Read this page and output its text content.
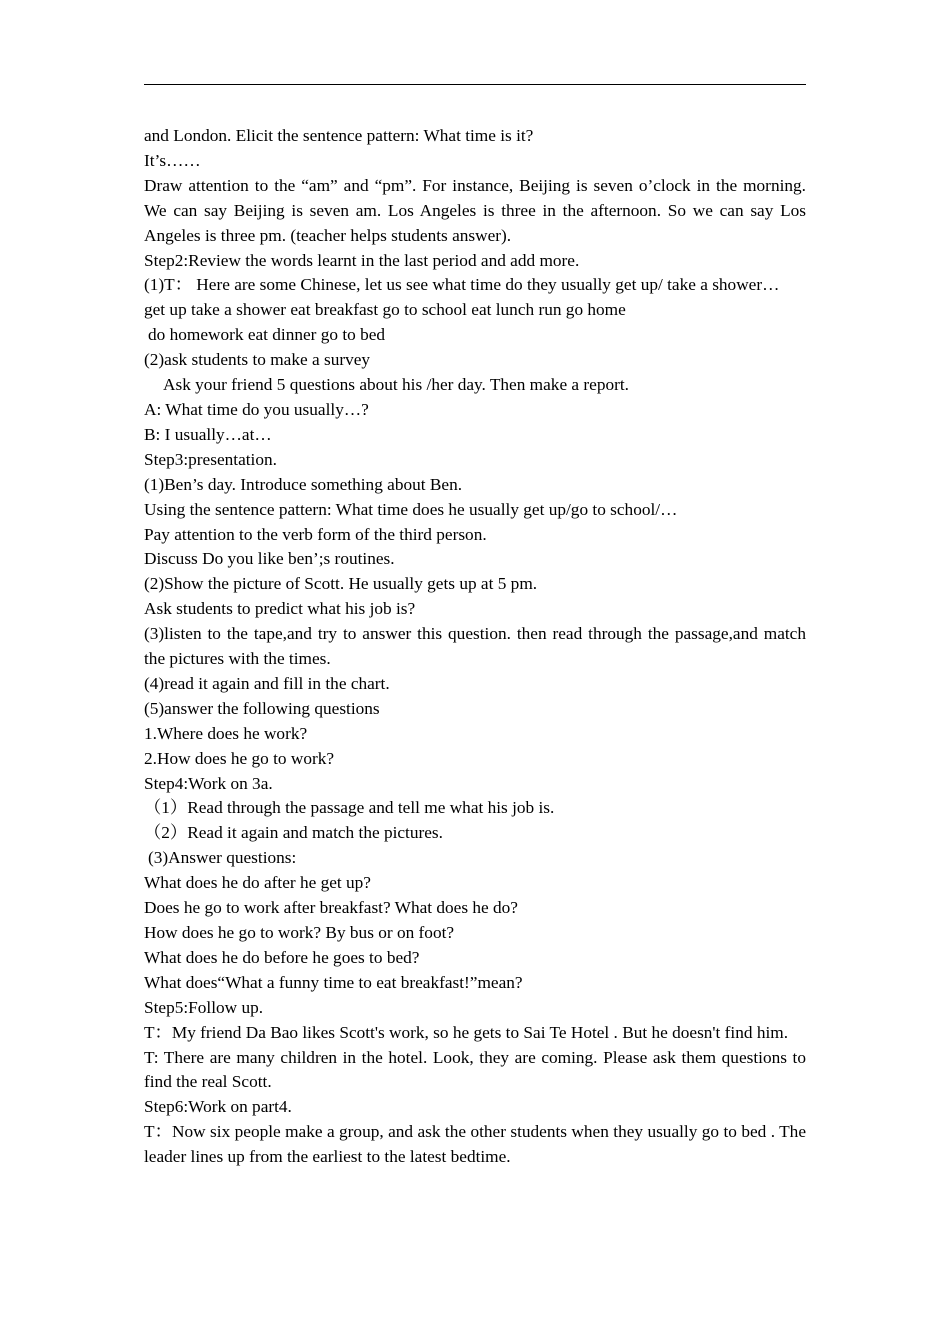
and London. Elicit the sentence pattern: What time is it?

It’s……

Draw attention to the “am” and “pm”. For instance, Beijing is seven o’clock in the morning. We can say Beijing is seven am. Los Angeles is three in the afternoon. So we can say Los Angeles is three pm. (teacher helps students answer).

Step2:Review the words learnt in the last period and add more.

(1)T： Here are some Chinese, let us see what time do they usually get up/ take a shower…

get up take a shower eat breakfast go to school eat lunch run go home

do homework eat dinner go to bed

(2)ask students to make a survey

Ask your friend 5 questions about his /her day. Then make a report.

A: What time do you usually…?

B: I usually…at…

Step3:presentation.

(1)Ben’s day. Introduce something about Ben.

Using the sentence pattern: What time does he usually get up/go to school/…

Pay attention to the verb form of the third person.

Discuss Do you like ben’;s routines.

(2)Show the picture of Scott. He usually gets up at 5 pm.

Ask students to predict what his job is?

(3)listen to the tape,and try to answer this question. then read through the passage,and match the pictures with the times.

(4)read it again and fill in the chart.

(5)answer the following questions

1.Where does he work?

2.How does he go to work?

Step4:Work on 3a.

（1）Read through the passage and tell me what his job is.

（2）Read it again and match the pictures.

(3)Answer questions:

What does he do after he get up?

Does he go to work after breakfast? What does he do?

How does he go to work? By bus or on foot?

What does he do before he goes to bed?

What does“What a funny time to eat breakfast!”mean?

Step5:Follow up.

T：My friend Da Bao likes Scott's work, so he gets to Sai Te Hotel . But he doesn't find him.

T: There are many children in the hotel. Look, they are coming. Please ask them questions to find the real Scott.

Step6:Work on part4.

T：Now six people make a group, and ask the other students when they usually go to bed . The leader lines up from the earliest to the latest bedtime.
